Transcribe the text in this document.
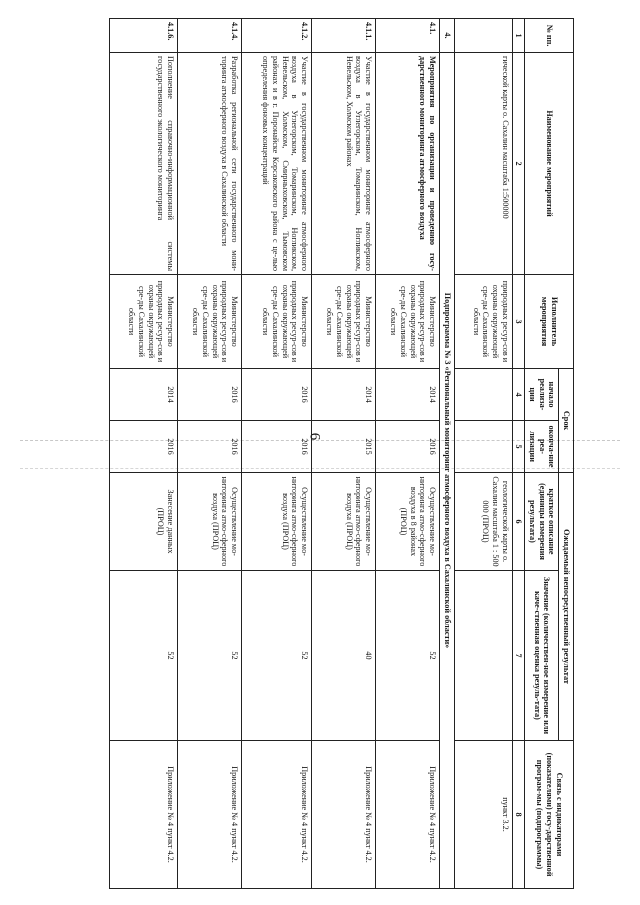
6
№ пп.	Наименование мероприятий	Исполнитель мероприятия	Срок		Ожидаемый непосредственный результат		Связь с индикаторами (показателями) госу-дарственной програм-мы (подпрограммы)
			начало реализа-ции	оконча-ние реа-лизации	краткое описание (единицы измерения результата)	Значение (количествен-ное измерение или каче-ственная оценка резуль-тата)	
1	2	3	4	5	6	7	8
	гической карты о. Сахалин масштаба 1:500000	природных ресур-сов и охраны окружающей сре-ды Сахалинской области			геологической карты о. Сахалин масштаба 1 : 500 000 (ПРОЦ)		пункт 3.2.
4.	Подпрограмма № 3 «Региональный мониторинг атмосферного воздуха в Сахалинской области»						
4.1.	Мероприятия по организации и проведению госу-дарственного мониторинга атмосферного воздуха	Министерство природных ресур-сов и охраны окружающей сре-ды Сахалинской области	2014	2016	Осуществление мо-ниторинга атмо-сферного воздуха в 8 районах (ПРОЦ)	52	Приложение № 4 пункт 4.2.
4.1.1.	Участие в государственном мониторинге атмосферного воздуха в Углегорском, Томаринском, Ногликском, Невельском, Холмском районах	Министерство природных ресур-сов и охраны окружающей сре-ды Сахалинской области	2014	2015	Осуществление мо-ниторинга атмо-сферного воздуха (ПРОЦ)	40	Приложение № 4 пункт 4.2.
4.1.2.	Участие в государственном мониторинге атмосферного воздуха в Углегорском, Томаринском, Ногликском, Невельском, Холмском, Смирныховском, Тымовском районах и в г. Поронайске Корсаковского района с це-лью определения фоновых концентраций	Министерство природных ресур-сов и охраны окружающей сре-ды Сахалинской области	2016	2016	Осуществление мо-ниторинга атмо-сферного воздуха (ПРОЦ)	52	Приложение № 4 пункт 4.2.
4.1.4.	Разработка региональной сети государственного мони-торинга атмосферного воздуха в Сахалинской области	Министерство природных ресур-сов и охраны окружающей сре-ды Сахалинской области	2016	2016	Осуществление мо-ниторинга атмо-сферного воздуха (ПРОЦ)	52	Приложение № 4 пункт 4.2.
4.1.6.	Пополнение справочно-информационной системы государственного экологического мониторинга	Министерство природных ресур-сов и охраны окружающей сре-ды Сахалинской области	2014	2016	Занесение данных (ПРОЦ)	52	Приложение № 4 пункт 4.2.
